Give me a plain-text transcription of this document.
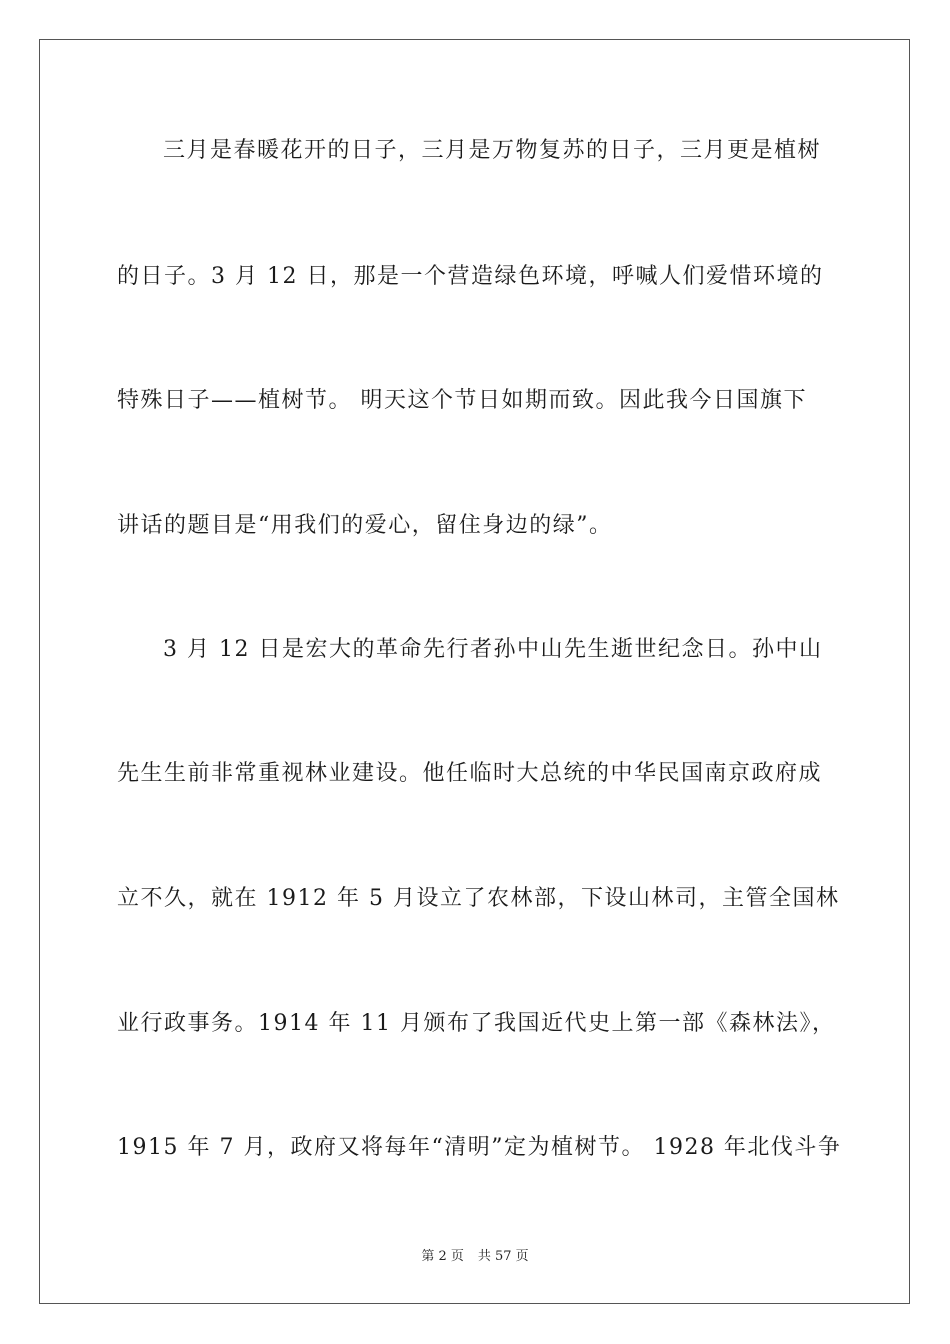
三月是春暖花开的日子，三月是万物复苏的日子，三月更是植树
的日子。3 月 12 日，那是一个营造绿色环境，呼喊人们爱惜环境的
特殊日子——植树节。 明天这个节日如期而致。因此我今日国旗下
讲话的题目是“用我们的爱心，留住身边的绿”。
3 月 12 日是宏大的革命先行者孙中山先生逝世纪念日。孙中山
先生生前非常重视林业建设。他任临时大总统的中华民国南京政府成
立不久，就在 1912 年 5 月设立了农林部，下设山林司，主管全国林
业行政事务。1914 年 11 月颁布了我国近代史上第一部《森林法》，
1915 年 7 月，政府又将每年“清明”定为植树节。 1928 年北伐斗争
第 2 页 共 57 页
